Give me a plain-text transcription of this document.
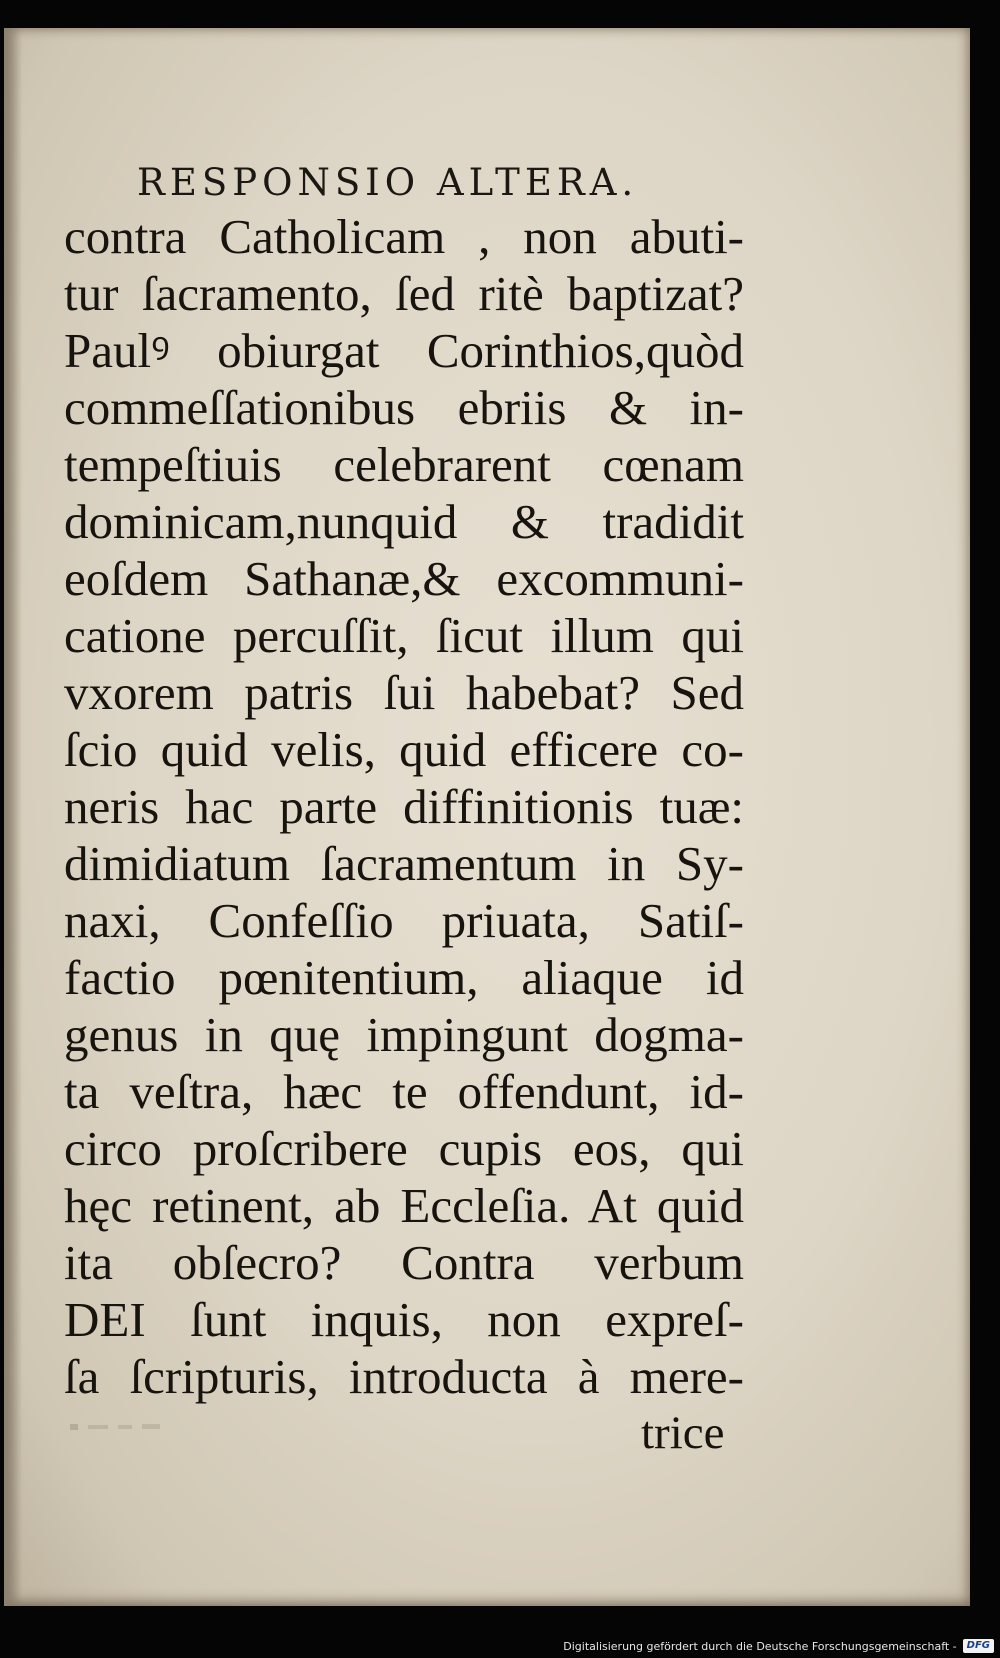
RESPONSIO ALTERA.
contra Catholicam , non abuti-
tur ſacramento, ſed ritè baptizat?
Paulꝰ obiurgat Corinthios,quòd
commeſſationibus ebriis & in-
tempeſtiuis celebrarent cœnam
dominicam,nunquid & tradidit
eoſdem Sathanæ,& excommuni-
catione percuſſit, ſicut illum qui
vxorem patris ſui habebat? Sed
ſcio quid velis, quid efficere co-
neris hac parte diffinitionis tuæ:
dimidiatum ſacramentum in Sy-
naxi, Confeſſio priuata, Satiſ-
factio pœnitentium, aliaque id
genus in quę impingunt dogma-
ta veſtra, hæc te offendunt, id-
circo proſcribere cupis eos, qui
hęc retinent, ab Eccleſia. At quid
ita obſecro? Contra verbum
DEI ſunt inquis, non expreſ-
ſa ſcripturis, introducta à mere-
trice
Digitalisierung gefördert durch die Deutsche Forschungsgemeinschaft -	DFG
